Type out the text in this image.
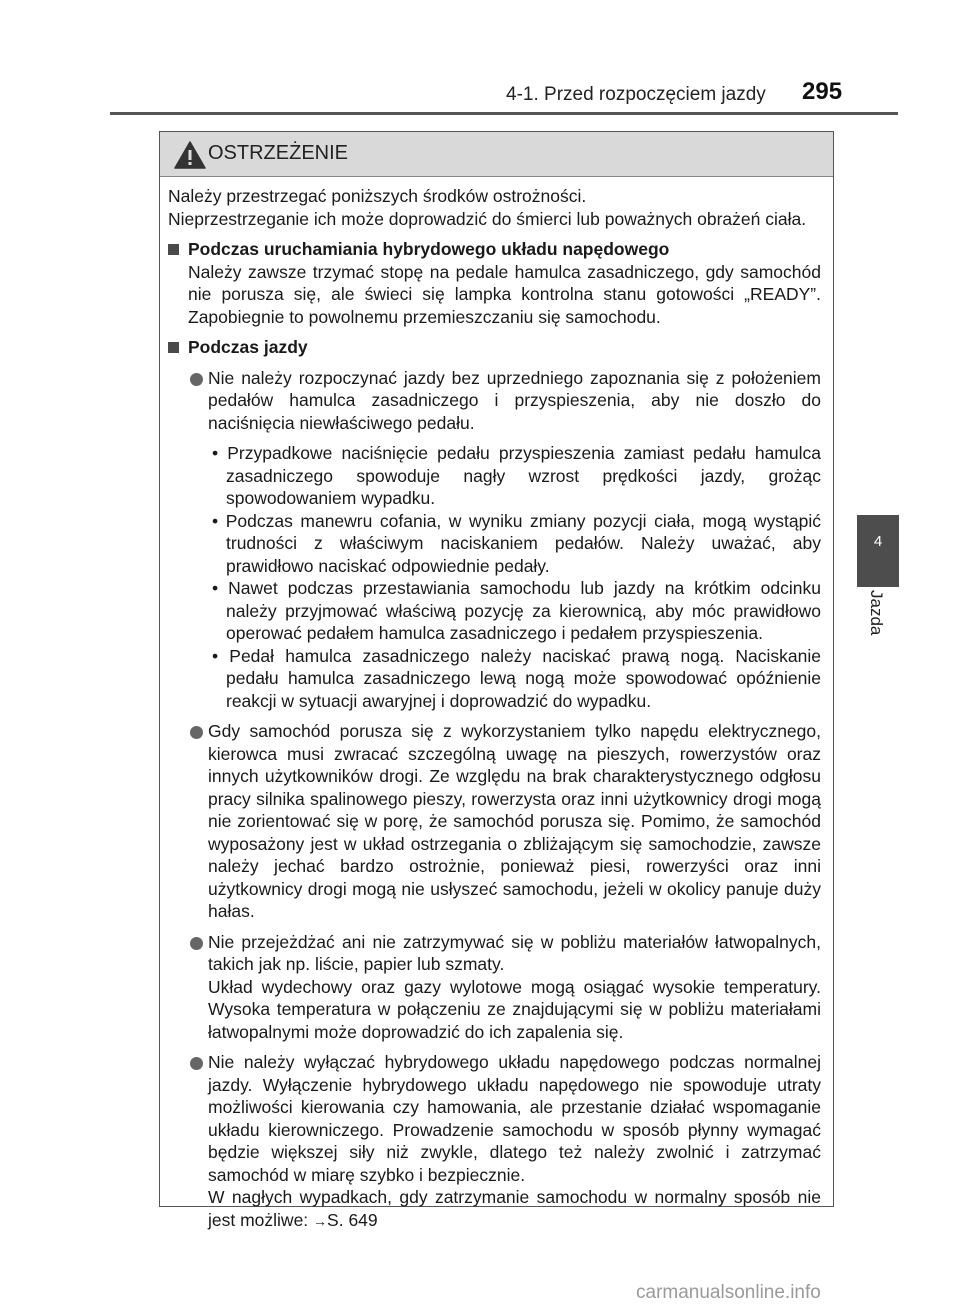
4-1. Przed rozpoczęciem jazdy 295
4
Jazda
OSTRZEŻENIE

Należy przestrzegać poniższych środków ostrożności.

Nieprzestrzeganie ich może doprowadzić do śmierci lub poważnych obrażeń ciała.

Podczas uruchamiania hybrydowego układu napędowego

Należy zawsze trzymać stopę na pedale hamulca zasadniczego, gdy samochód nie porusza się, ale świeci się lampka kontrolna stanu gotowości „READY”. Zapobiegnie to powolnemu przemieszczaniu się samochodu.

Podczas jazdy

Nie należy rozpoczynać jazdy bez uprzedniego zapoznania się z położeniem pedałów hamulca zasadniczego i przyspieszenia, aby nie doszło do naciśnięcia niewłaściwego pedału.

• Przypadkowe naciśnięcie pedału przyspieszenia zamiast pedału hamulca zasadniczego spowoduje nagły wzrost prędkości jazdy, grożąc spowodowaniem wypadku.

• Podczas manewru cofania, w wyniku zmiany pozycji ciała, mogą wystąpić trudności z właściwym naciskaniem pedałów. Należy uważać, aby prawidłowo naciskać odpowiednie pedały.

• Nawet podczas przestawiania samochodu lub jazdy na krótkim odcinku należy przyjmować właściwą pozycję za kierownicą, aby móc prawidłowo operować pedałem hamulca zasadniczego i pedałem przyspieszenia.

• Pedał hamulca zasadniczego należy naciskać prawą nogą. Naciskanie pedału hamulca zasadniczego lewą nogą może spowodować opóźnienie reakcji w sytuacji awaryjnej i doprowadzić do wypadku.

Gdy samochód porusza się z wykorzystaniem tylko napędu elektrycznego, kierowca musi zwracać szczególną uwagę na pieszych, rowerzystów oraz innych użytkowników drogi. Ze względu na brak charakterystycznego odgłosu pracy silnika spalinowego pieszy, rowerzysta oraz inni użytkownicy drogi mogą nie zorientować się w porę, że samochód porusza się. Pomimo, że samochód wyposażony jest w układ ostrzegania o zbliżającym się samochodzie, zawsze należy jechać bardzo ostrożnie, ponieważ piesi, rowerzyści oraz inni użytkownicy drogi mogą nie usłyszeć samochodu, jeżeli w okolicy panuje duży hałas.

Nie przejeżdżać ani nie zatrzymywać się w pobliżu materiałów łatwopalnych, takich jak np. liście, papier lub szmaty.

Układ wydechowy oraz gazy wylotowe mogą osiągać wysokie temperatury. Wysoka temperatura w połączeniu ze znajdującymi się w pobliżu materiałami łatwopalnymi może doprowadzić do ich zapalenia się.

Nie należy wyłączać hybrydowego układu napędowego podczas normalnej jazdy. Wyłączenie hybrydowego układu napędowego nie spowoduje utraty możliwości kierowania czy hamowania, ale przestanie działać wspomaganie układu kierowniczego. Prowadzenie samochodu w sposób płynny wymagać będzie większej siły niż zwykle, dlatego też należy zwolnić i zatrzymać samochód w miarę szybko i bezpiecznie.

W nagłych wypadkach, gdy zatrzymanie samochodu w normalny sposób nie jest możliwe: →S. 649

carmanualsonline.info
